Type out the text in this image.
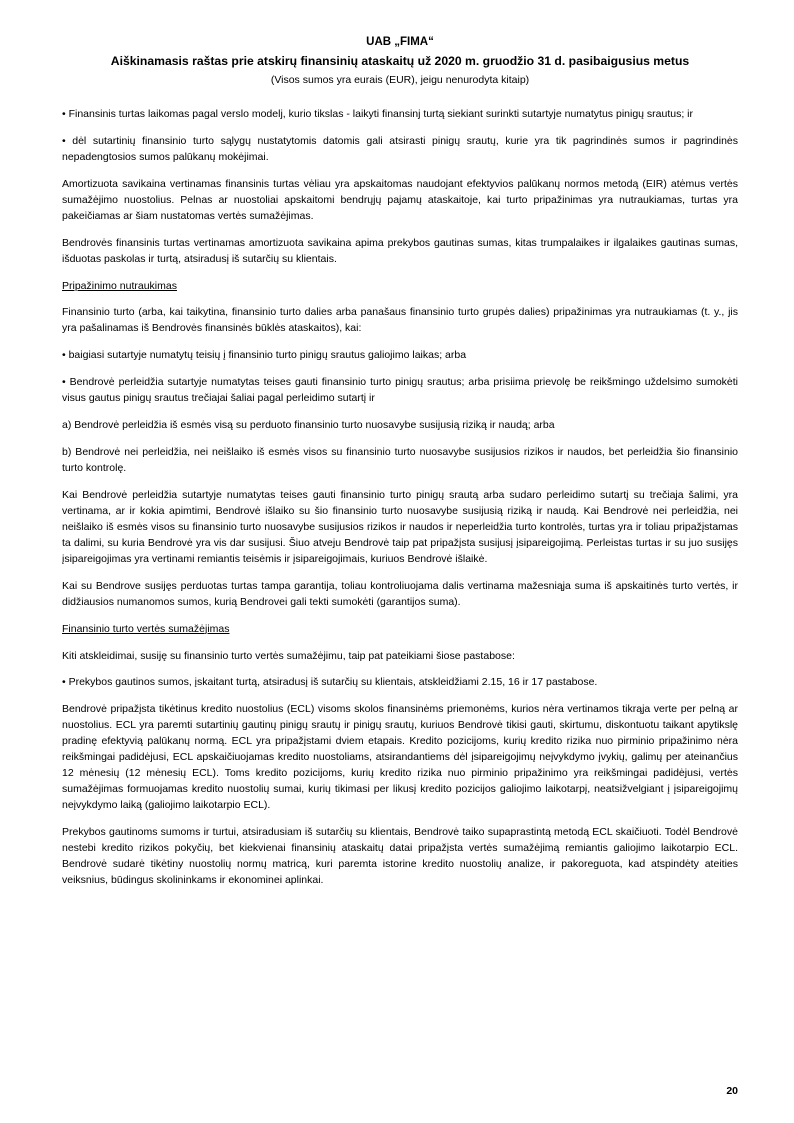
UAB „FIMA“
Aiškinamasis raštas prie atskirų finansinių ataskaitų už 2020 m. gruodžio 31 d. pasibaigusius metus
(Visos sumos yra eurais (EUR), jeigu nenurodyta kitaip)

• Finansinis turtas laikomas pagal verslo modelj, kurio tikslas - laikyti finansinj turtą siekiant surinkti sutartyje numatytus pinigų srautus; ir

• dėl sutartinių finansinio turto sąlygų nustatytomis datomis gali atsirasti pinigų srautų, kurie yra tik pagrindinės sumos ir pagrindinės nepadengtosios sumos palūkanų mokėjimai.

Amortizuota savikaina vertinamas finansinis turtas vėliau yra apskaitomas naudojant efektyvios palūkanų normos metodą (EIR) atėmus vertės sumažėjimo nuostolius. Pelnas ar nuostoliai apskaitomi bendrųjų pajamų ataskaitoje, kai turto pripažinimas yra nutraukiamas, turtas yra pakeičiamas ar šiam nustatomas vertės sumažėjimas.

Bendrovės finansinis turtas vertinamas amortizuota savikaina apima prekybos gautinas sumas, kitas trumpalaikes ir ilgalaikes gautinas sumas, išduotas paskolas ir turtą, atsiradusį iš sutarčių su klientais.

Pripažinimo nutraukimas

Finansinio turto (arba, kai taikytina, finansinio turto dalies arba panašaus finansinio turto grupės dalies) pripažinimas yra nutraukiamas (t. y., jis yra pašalinamas iš Bendrovės finansinės būklės ataskaitos), kai:

• baigiasi sutartyje numatytų teisių į finansinio turto pinigų srautus galiojimo laikas; arba

• Bendrovė perleidžia sutartyje numatytas teises gauti finansinio turto pinigų srautus; arba prisiima prievolę be reikšmingo uždelsimo sumokėti visus gautus pinigų srautus trečiajai šaliai pagal perleidimo sutartį ir

a) Bendrovė perleidžia iš esmės visą su perduoto finansinio turto nuosavybe susijusią riziką ir naudą; arba

b) Bendrovė nei perleidžia, nei neišlaiko iš esmės visos su finansinio turto nuosavybe susijusios rizikos ir naudos, bet perleidžia šio finansinio turto kontrolę.

Kai Bendrovė perleidžia sutartyje numatytas teises gauti finansinio turto pinigų srautą arba sudaro perleidimo sutartį su trečiaja šalimi, yra vertinama, ar ir kokia apimtimi, Bendrovė išlaiko su šio finansinio turto nuosavybe susijusią riziką ir naudą. Kai Bendrovė nei perleidžia, nei neišlaiko iš esmės visos su finansinio turto nuosavybe susijusios rizikos ir naudos ir neperleidžia turto kontrolės, turtas yra ir toliau pripažįstamas ta dalimi, su kuria Bendrovė yra vis dar susijusi. Šiuo atveju Bendrovė taip pat pripažįsta susijusį įsipareigojimą. Perleistas turtas ir su juo susijęs įsipareigojimas yra vertinami remiantis teisėmis ir įsipareigojimais, kuriuos Bendrovė išlaikė.

Kai su Bendrove susijęs perduotas turtas tampa garantija, toliau kontroliuojama dalis vertinama mažesniąja suma iš apskaitinės turto vertės, ir didžiausios numanomos sumos, kurią Bendrovei gali tekti sumokėti (garantijos suma).

Finansinio turto vertės sumažėjimas

Kiti atskleidimai, susiję su finansinio turto vertės sumažėjimu, taip pat pateikiami šiose pastabose:

• Prekybos gautinos sumos, įskaitant turtą, atsiradusį iš sutarčių su klientais, atskleidžiami 2.15, 16 ir 17 pastabose.

Bendrovė pripažįsta tikėtinus kredito nuostolius (ECL) visoms skolos finansinėms priemonėms, kurios nėra vertinamos tikrąja verte per pelną ar nuostolius. ECL yra paremti sutartinių gautinų pinigų srautų ir pinigų srautų, kuriuos Bendrovė tikisi gauti, skirtumu, diskontuotu taikant apytikslę pradinę efektyvią palūkanų normą. ECL yra pripažįstami dviem etapais. Kredito pozicijoms, kurių kredito rizika nuo pirminio pripažinimo nėra reikšmingai padidėjusi, ECL apskaičiuojamas kredito nuostoliams, atsirandantiems dėl įsipareigojimų neįvykdymo įvykių, galimų per ateinančius 12 mėnesių (12 mėnesių ECL). Toms kredito pozicijoms, kurių kredito rizika nuo pirminio pripažinimo yra reikšmingai padidėjusi, vertės sumažėjimas formuojamas kredito nuostolių sumai, kurių tikimasi per likusį kredito pozicijos galiojimo laikotarpį, neatsižvelgiant į įsipareigojimų neįvykdymo laiką (galiojimo laikotarpio ECL).

Prekybos gautinoms sumoms ir turtui, atsiradusiam iš sutarčių su klientais, Bendrovė taiko supaprastintą metodą ECL skaičiuoti. Todėl Bendrovė nestebi kredito rizikos pokyčių, bet kiekvienai finansinių ataskaitų datai pripažįsta vertės sumažėjimą remiantis galiojimo laikotarpio ECL. Bendrovė sudarė tikėtiny nuostolių normų matricą, kuri paremta istorine kredito nuostolių analize, ir pakoreguota, kad atspindėty ateities veiksnius, būdingus skolininkams ir ekonominei aplinkai.

20
